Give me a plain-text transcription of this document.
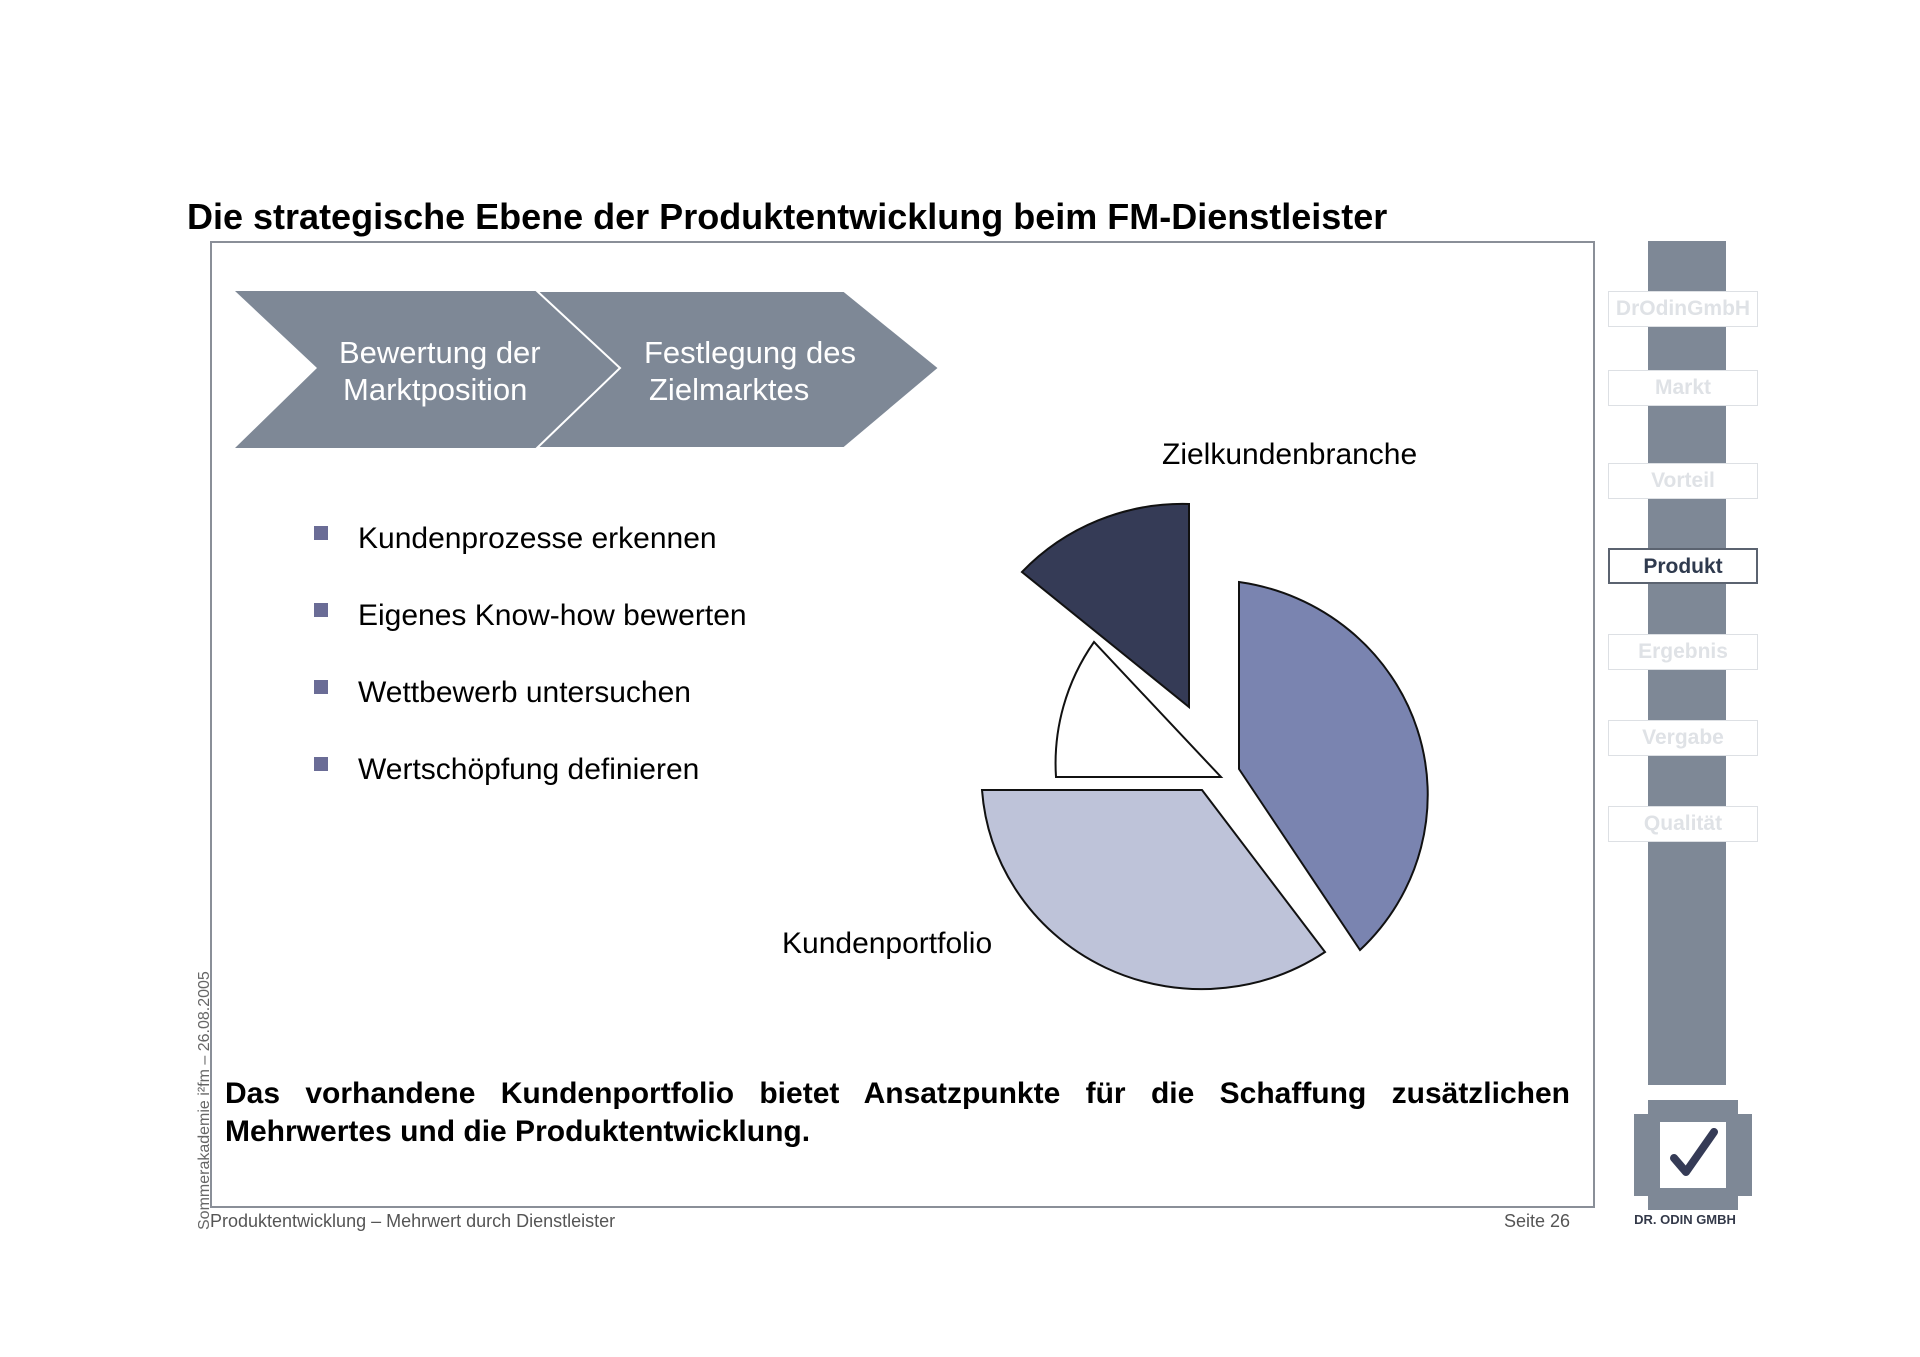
Die strategische Ebene der Produktentwicklung beim FM-Dienstleister
Bewertung der
Marktposition
Festlegung des
Zielmarktes
Kundenprozesse erkennen
Eigenes Know-how bewerten
Wettbewerb untersuchen
Wertschöpfung definieren
Zielkundenbranche
Kundenportfolio
Das vorhandene Kundenportfolio bietet Ansatzpunkte für die Schaffung zusätzlichen Mehrwertes und die Produktentwicklung.
Sommerakademie i²fm – 26.08.2005
Produktentwicklung – Mehrwert durch Dienstleister	Seite 26
DrOdinGmbH
Markt
Vorteil
Produkt
Ergebnis
Vergabe
Qualität
DR. ODIN GMBH
